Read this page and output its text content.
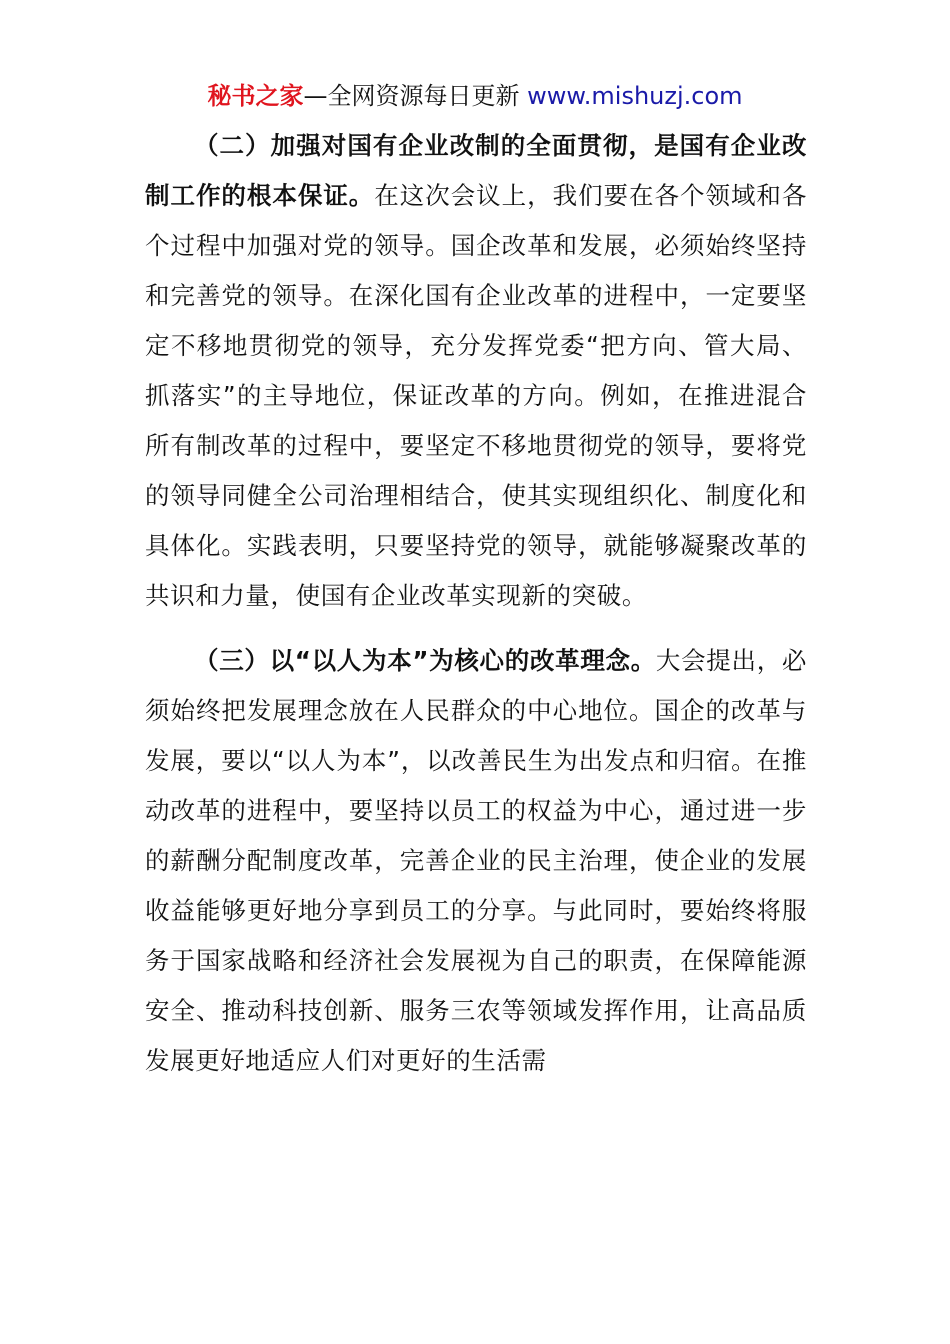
秘书之家—全网资源每日更新 www.mishuzj.com

（二）加强对国有企业改制的全面贯彻，是国有企业改制工作的根本保证。在这次会议上，我们要在各个领域和各个过程中加强对党的领导。国企改革和发展，必须始终坚持和完善党的领导。在深化国有企业改革的进程中，一定要坚定不移地贯彻党的领导，充分发挥党委“把方向、管大局、抓落实”的主导地位，保证改革的方向。例如，在推进混合所有制改革的过程中，要坚定不移地贯彻党的领导，要将党的领导同健全公司治理相结合，使其实现组织化、制度化和具体化。实践表明，只要坚持党的领导，就能够凝聚改革的共识和力量，使国有企业改革实现新的突破。

（三）以“以人为本”为核心的改革理念。大会提出，必须始终把发展理念放在人民群众的中心地位。国企的改革与发展，要以“以人为本”，以改善民生为出发点和归宿。在推动改革的进程中，要坚持以员工的权益为中心，通过进一步的薪酬分配制度改革，完善企业的民主治理，使企业的发展收益能够更好地分享到员工的分享。与此同时，要始终将服务于国家战略和经济社会发展视为自己的职责，在保障能源安全、推动科技创新、服务三农等领域发挥作用，让高品质发展更好地适应人们对更好的生活需
